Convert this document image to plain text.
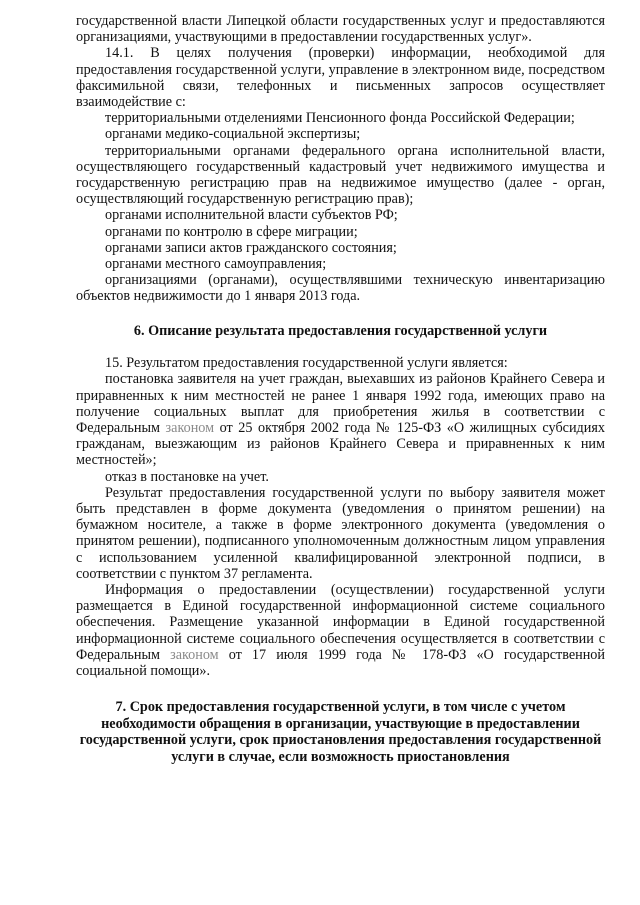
государственной власти Липецкой области государственных услуг и предоставляются организациями, участвующими в предоставлении государственных услуг».

14.1. В целях получения (проверки) информации, необходимой для предоставления государственной услуги, управление в электронном виде, посредством факсимильной связи, телефонных и письменных запросов осуществляет взаимодействие с:

территориальными отделениями Пенсионного фонда Российской Федерации;

органами медико-социальной экспертизы;

территориальными органами федерального органа исполнительной власти, осуществляющего государственный кадастровый учет недвижимого имущества и государственную регистрацию прав на недвижимое имущество (далее - орган, осуществляющий государственную регистрацию прав);

органами исполнительной власти субъектов РФ;

органами по контролю в сфере миграции;

органами записи актов гражданского состояния;

органами местного самоуправления;

организациями (органами), осуществлявшими техническую инвентаризацию объектов недвижимости до 1 января 2013 года.

6. Описание результата предоставления государственной услуги

15. Результатом предоставления государственной услуги является:

постановка заявителя на учет граждан, выехавших из районов Крайнего Севера и приравненных к ним местностей не ранее 1 января 1992 года, имеющих право на получение социальных выплат для приобретения жилья в соответствии с Федеральным законом от 25 октября 2002 года № 125-ФЗ «О жилищных субсидиях гражданам, выезжающим из районов Крайнего Севера и приравненных к ним местностей»;

отказ в постановке на учет.

Результат предоставления государственной услуги по выбору заявителя может быть представлен в форме документа (уведомления о принятом решении) на бумажном носителе, а также в форме электронного документа (уведомления о принятом решении), подписанного уполномоченным должностным лицом управления с использованием усиленной квалифицированной электронной подписи, в соответствии с пунктом 37 регламента.

Информация о предоставлении (осуществлении) государственной услуги размещается в Единой государственной информационной системе социального обеспечения. Размещение указанной информации в Единой государственной информационной системе социального обеспечения осуществляется в соответствии с Федеральным законом от 17 июля 1999 года № 178-ФЗ «О государственной социальной помощи».

7. Срок предоставления государственной услуги, в том числе с учетом необходимости обращения в организации, участвующие в предоставлении государственной услуги, срок приостановления предоставления государственной услуги в случае, если возможность приостановления
